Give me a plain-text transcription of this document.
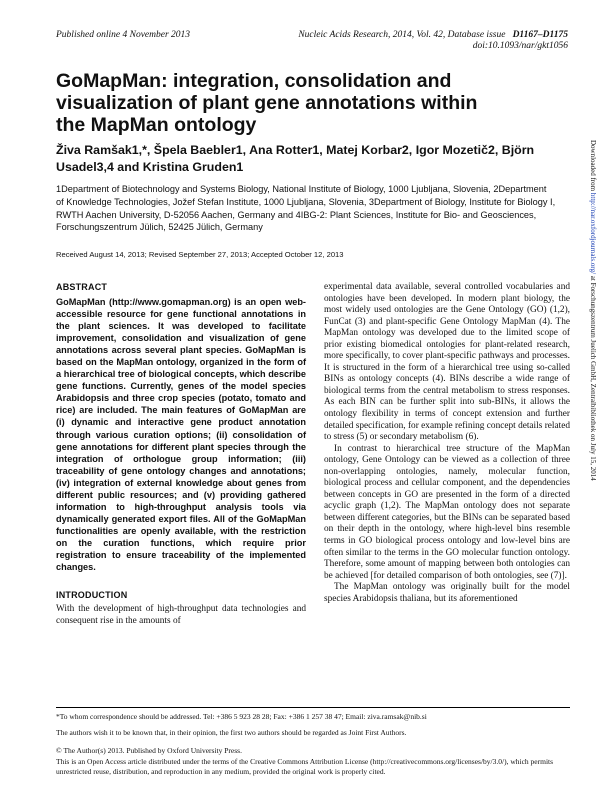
Published online 4 November 2013	Nucleic Acids Research, 2014, Vol. 42, Database issue D1167–D1175
doi:10.1093/nar/gkt1056
GoMapMan: integration, consolidation and visualization of plant gene annotations within the MapMan ontology

Živa Ramšak1,*, Špela Baebler1, Ana Rotter1, Matej Korbar2, Igor Mozetič2, Björn Usadel3,4 and Kristina Gruden1

1Department of Biotechnology and Systems Biology, National Institute of Biology, 1000 Ljubljana, Slovenia, 2Department of Knowledge Technologies, Jožef Stefan Institute, 1000 Ljubljana, Slovenia, 3Department of Biology, Institute for Biology I, RWTH Aachen University, D-52056 Aachen, Germany and 4IBG-2: Plant Sciences, Institute for Bio- and Geosciences, Forschungszentrum Jülich, 52425 Jülich, Germany

Received August 14, 2013; Revised September 27, 2013; Accepted October 12, 2013

ABSTRACT

GoMapMan (http://www.gomapman.org) is an open web-accessible resource for gene functional annotations in the plant sciences. It was developed to facilitate improvement, consolidation and visualization of gene annotations across several plant species. GoMapMan is based on the MapMan ontology, organized in the form of a hierarchical tree of biological concepts, which describe gene functions. Currently, genes of the model species Arabidopsis and three crop species (potato, tomato and rice) are included. The main features of GoMapMan are (i) dynamic and interactive gene product annotation through various curation options; (ii) consolidation of gene annotations for different plant species through the integration of orthologue group information; (iii) traceability of gene ontology changes and annotations; (iv) integration of external knowledge about genes from different public resources; and (v) providing gathered information to high-throughput analysis tools via dynamically generated export files. All of the GoMapMan functionalities are openly available, with the restriction on the curation functions, which require prior registration to ensure traceability of the implemented changes.

INTRODUCTION

With the development of high-throughput data technologies and consequent rise in the amounts of

experimental data available, several controlled vocabularies and ontologies have been developed. In modern plant biology, the most widely used ontologies are the Gene Ontology (GO) (1,2), FunCat (3) and plant-specific Gene Ontology MapMan (4). The MapMan ontology was developed due to the limited scope of prior existing biomedical ontologies for plant-related research, more specifically, to cover plant-specific pathways and processes. It is structured in the form of a hierarchical tree using so-called BINs as ontology concepts (4). BINs describe a wide range of biological terms from the central metabolism to stress responses. As each BIN can be further split into sub-BINs, it allows the ontology flexibility in terms of concept extension and further detailed specification, for example refining concept details related to stress (5) or secondary metabolism (6).

In contrast to hierarchical tree structure of the MapMan ontology, Gene Ontology can be viewed as a collection of three non-overlapping ontologies, namely, molecular function, biological process and cellular component, and the dependencies between concepts in GO are presented in the form of a directed acyclic graph (1,2). The MapMan ontology does not separate between different categories, but the BINs can be separated based on their depth in the ontology, where high-level bins resemble terms in GO biological process ontology and low-level bins are often similar to the terms in the GO molecular function ontology. Therefore, some amount of mapping between both ontologies can be achieved [for detailed comparison of both ontologies, see (7)].

The MapMan ontology was originally built for the model species Arabidopsis thaliana, but its aforementioned

Downloaded from http://nar.oxfordjournals.org/ at Forschungszentrum Juelich GmbH, Zentralbibliothek on July 15, 2014

*To whom correspondence should be addressed. Tel: +386 5 923 28 28; Fax: +386 1 257 38 47; Email: ziva.ramsak@nib.si

The authors wish it to be known that, in their opinion, the first two authors should be regarded as Joint First Authors.

© The Author(s) 2013. Published by Oxford University Press.

This is an Open Access article distributed under the terms of the Creative Commons Attribution License (http://creativecommons.org/licenses/by/3.0/), which permits unrestricted reuse, distribution, and reproduction in any medium, provided the original work is properly cited.
